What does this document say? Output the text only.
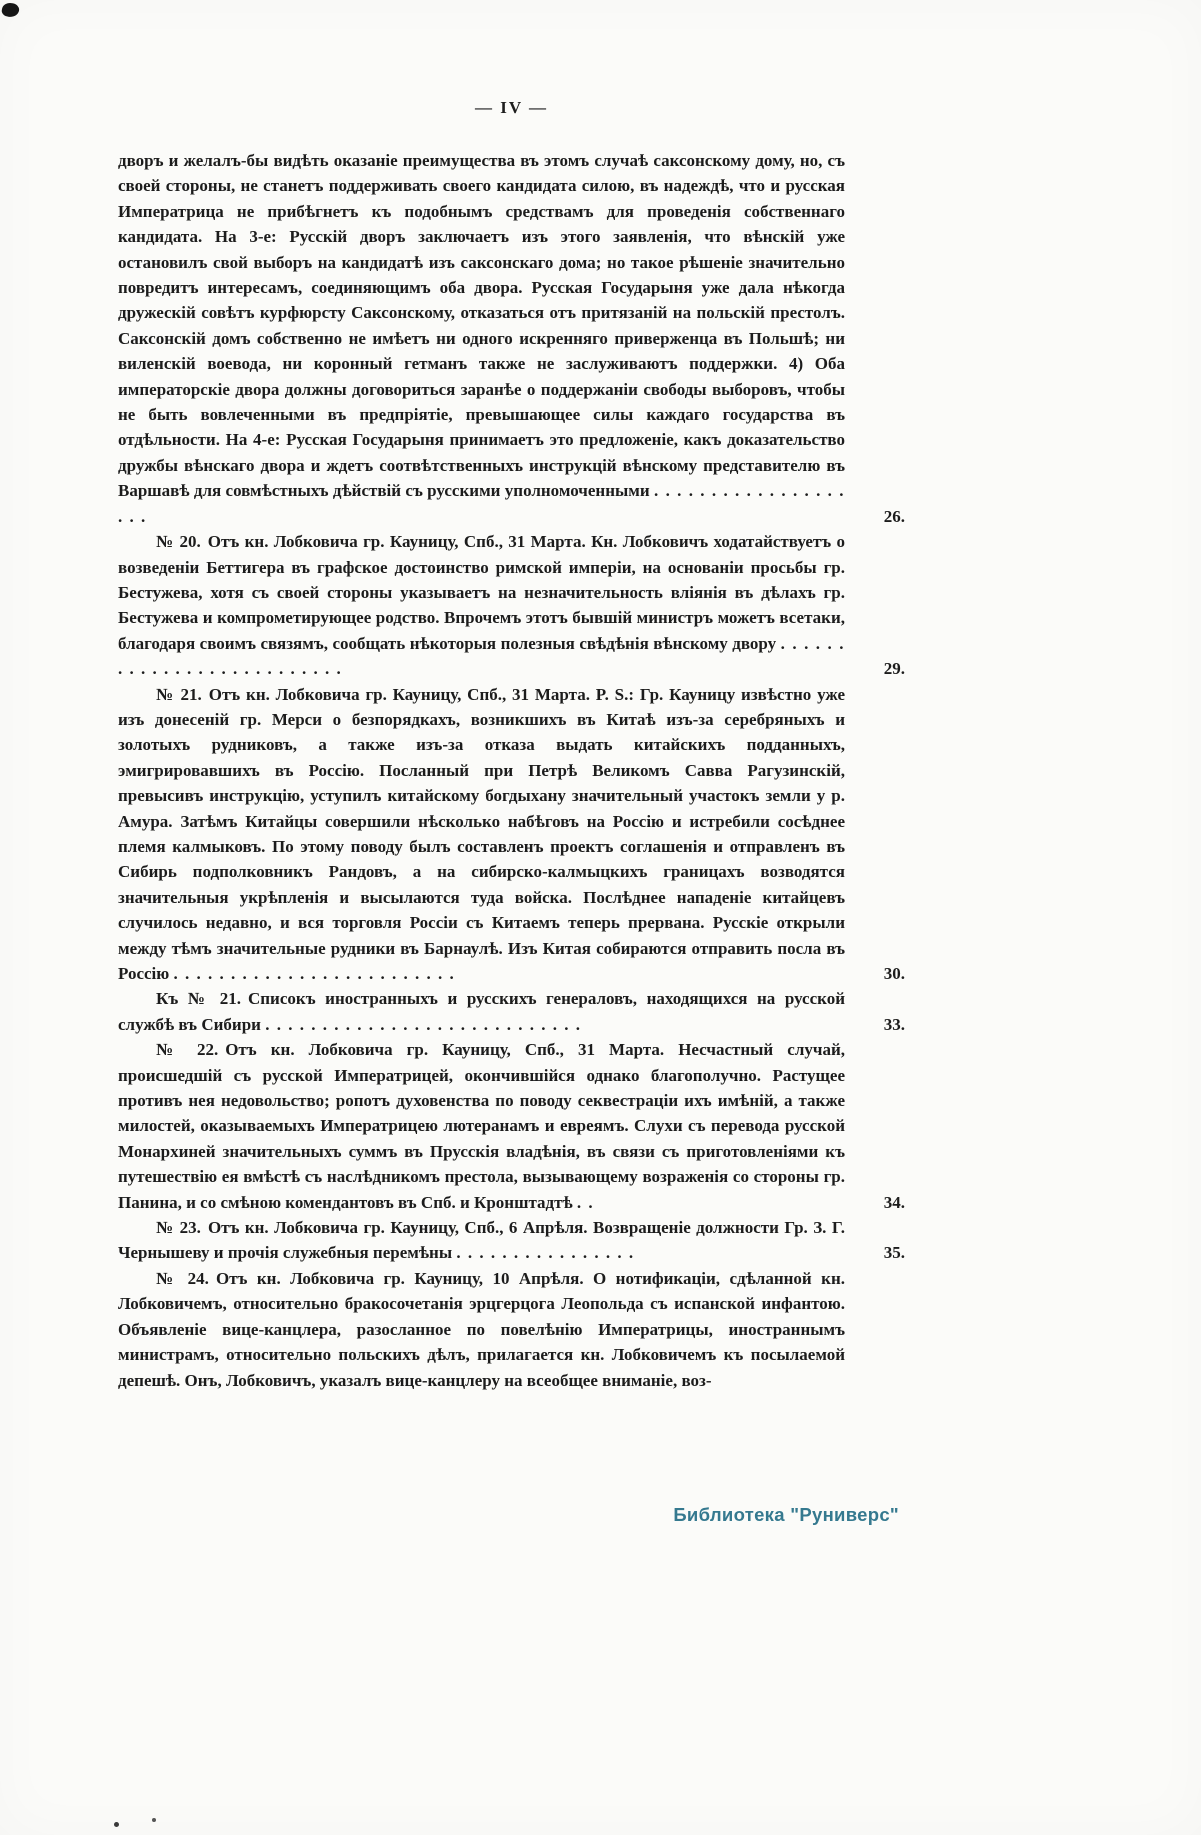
— IV —
дворъ и желалъ-бы видѣть оказаніе преимущества въ этомъ случаѣ саксонскому дому, но, съ своей стороны, не станетъ поддерживать своего кандидата силою, въ надеждѣ, что и русская Императрица не прибѣгнетъ къ подобнымъ средствамъ для проведенія собственнаго кандидата. На 3-е: Русскій дворъ заключаетъ изъ этого заявленія, что вѣнскій уже остановилъ свой выборъ на кандидатѣ изъ саксонскаго дома; но такое рѣшеніе значительно повредитъ интересамъ, соединяющимъ оба двора. Русская Государыня уже дала нѣкогда дружескій совѣтъ курфюрсту Саксонскому, отказаться отъ притязаній на польскій престолъ. Саксонскій домъ собственно не имѣетъ ни одного искренняго приверженца въ Польшѣ; ни виленскій воевода, ни коронный гетманъ также не заслуживаютъ поддержки. 4) Оба императорскіе двора должны договориться заранѣе о поддержаніи свободы выборовъ, чтобы не быть вовлеченными въ предпріятіе, превышающее силы каждаго государства въ отдѣльности. На 4-е: Русская Государыня принимаетъ это предложеніе, какъ доказательство дружбы вѣнскаго двора и ждетъ соотвѣтственныхъ инструкцій вѣнскому представителю въ Варшавѣ для совмѣстныхъ дѣйствій съ русскими уполномоченными . . . . . . . . . . . . . . . . . . . .	26.
№ 20. Отъ кн. Лобковича гр. Кауницу, Спб., 31 Марта. Кн. Лобковичъ ходатайствуетъ о возведеніи Беттигера въ графское достоинство римской имперіи, на основаніи просьбы гр. Бестужева, хотя съ своей стороны указываетъ на незначительность вліянія въ дѣлахъ гр. Бестужева и компрометирующее родство. Впрочемъ этотъ бывшій министръ можетъ всетаки, благодаря своимъ связямъ, сообщать нѣкоторыя полезныя свѣдѣнія вѣнскому двору . . . . . . . . . . . . . . . . . . . . . . . . . .	29.
№ 21. Отъ кн. Лобковича гр. Кауницу, Спб., 31 Марта. P. S.: Гр. Кауницу извѣстно уже изъ донесеній гр. Мерси о безпорядкахъ, возникшихъ въ Китаѣ изъ-за серебряныхъ и золотыхъ рудниковъ, а также изъ-за отказа выдать китайскихъ подданныхъ, эмигрировавшихъ въ Россію. Посланный при Петрѣ Великомъ Савва Рагузинскій, превысивъ инструкцію, уступилъ китайскому богдыхану значительный участокъ земли у р. Амура. Затѣмъ Китайцы совершили нѣсколько набѣговъ на Россію и истребили сосѣднее племя калмыковъ. По этому поводу былъ составленъ проектъ соглашенія и отправленъ въ Сибирь подполковникъ Рандовъ, а на сибирско-калмыцкихъ границахъ возводятся значительныя укрѣпленія и высылаются туда войска. Послѣднее нападеніе китайцевъ случилось недавно, и вся торговля Россіи съ Китаемъ теперь прервана. Русскіе открыли между тѣмъ значительные рудники въ Барнаулѣ. Изъ Китая собираются отправить посла въ Россію . . . . . . . . . . . . . . . . . . . . . . . . .	30.
Къ № 21. Списокъ иностранныхъ и русскихъ генераловъ, находящихся на русской службѣ въ Сибири . . . . . . . . . . . . . . . . . . . . . . . . . . . .	33.
№ 22. Отъ кн. Лобковича гр. Кауницу, Спб., 31 Марта. Несчастный случай, происшедшій съ русской Императрицей, окончившійся однако благополучно. Растущее противъ нея недовольство; ропотъ духовенства по поводу секвестраціи ихъ имѣній, а также милостей, оказываемыхъ Императрицею лютеранамъ и евреямъ. Слухи съ перевода русской Монархиней значительныхъ суммъ въ Прусскія владѣнія, въ связи съ приготовленіями къ путешествію ея вмѣстѣ съ наслѣдникомъ престола, вызывающему возраженія со стороны гр. Панина, и со смѣною комендантовъ въ Спб. и Кронштадтѣ . .	34.
№ 23. Отъ кн. Лобковича гр. Кауницу, Спб., 6 Апрѣля. Возвращеніе должности Гр. З. Г. Чернышеву и прочія служебныя перемѣны . . . . . . . . . . . . . . . .	35.
№ 24. Отъ кн. Лобковича гр. Кауницу, 10 Апрѣля. О нотификаціи, сдѣланной кн. Лобковичемъ, относительно бракосочетанія эрцгерцога Леопольда съ испанской инфантою. Объявленіе вице-канцлера, разосланное по повелѣнію Императрицы, иностраннымъ министрамъ, относительно польскихъ дѣлъ, прилагается кн. Лобковичемъ къ посылаемой депешѣ. Онъ, Лобковичъ, указалъ вице-канцлеру на всеобщее вниманіе, воз-
Библиотека "Руниверс"
